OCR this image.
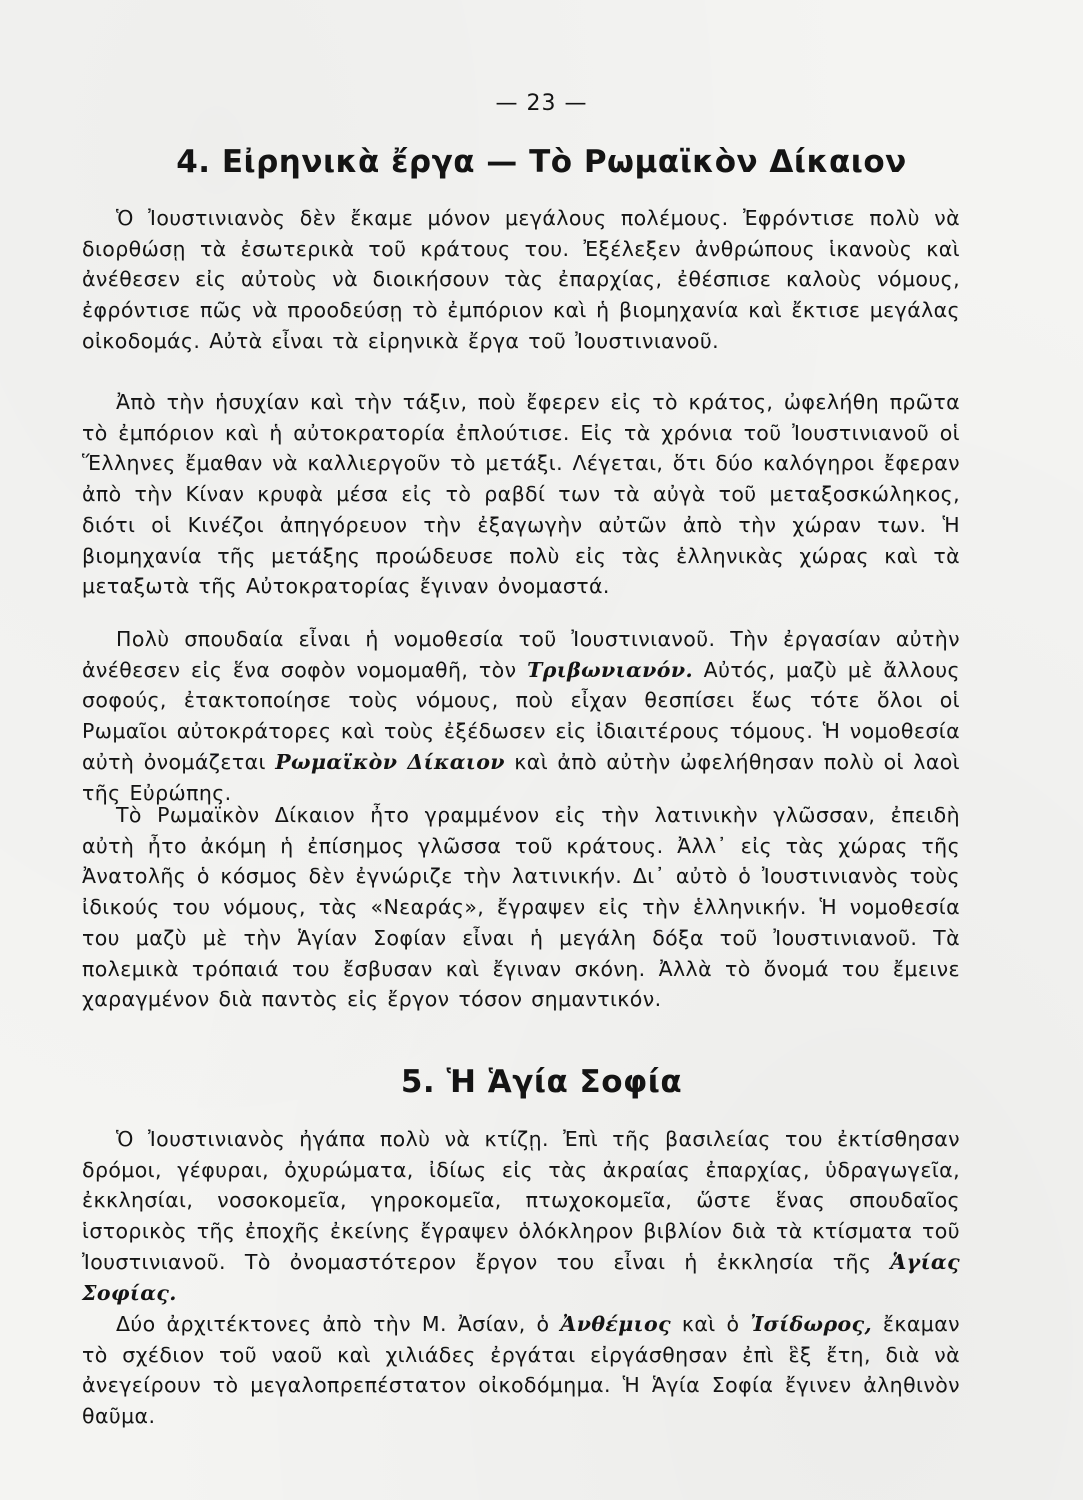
— 23 —
4. Εἰρηνικὰ ἔργα — Τὸ Ρωμαϊκὸν Δίκαιον

Ὁ Ἰουστινιανὸς δὲν ἔκαμε μόνον μεγάλους πολέμους. Ἐφρόντισε πολὺ νὰ διορθώσῃ τὰ ἐσωτερικὰ τοῦ κράτους του. Ἐξέλεξεν ἀνθρώπους ἱκανοὺς καὶ ἀνέθεσεν εἰς αὐτοὺς νὰ διοικήσουν τὰς ἐπαρχίας, ἐθέσπισε καλοὺς νόμους, ἐφρόντισε πῶς νὰ προοδεύσῃ τὸ ἐμπόριον καὶ ἡ βιομηχανία καὶ ἔκτισε μεγάλας οἰκοδομάς. Αὐτὰ εἶναι τὰ εἰρηνικὰ ἔργα τοῦ Ἰουστινιανοῦ.

Ἀπὸ τὴν ἡσυχίαν καὶ τὴν τάξιν, ποὺ ἔφερεν εἰς τὸ κράτος, ὠφελήθη πρῶτα τὸ ἐμπόριον καὶ ἡ αὐτοκρατορία ἐπλούτισε. Εἰς τὰ χρόνια τοῦ Ἰουστινιανοῦ οἱ Ἕλληνες ἔμαθαν νὰ καλλιεργοῦν τὸ μετάξι. Λέγεται, ὅτι δύο καλόγηροι ἔφεραν ἀπὸ τὴν Κίναν κρυφὰ μέσα εἰς τὸ ραβδί των τὰ αὐγὰ τοῦ μεταξοσκώληκος, διότι οἱ Κινέζοι ἀπηγόρευον τὴν ἐξαγωγὴν αὐτῶν ἀπὸ τὴν χώραν των. Ἡ βιομηχανία τῆς μετάξης προώδευσε πολὺ εἰς τὰς ἑλληνικὰς χώρας καὶ τὰ μεταξωτὰ τῆς Αὐτοκρατορίας ἔγιναν ὀνομαστά.

Πολὺ σπουδαία εἶναι ἡ νομοθεσία τοῦ Ἰουστινιανοῦ. Τὴν ἐργασίαν αὐτὴν ἀνέθεσεν εἰς ἕνα σοφὸν νομομαθῆ, τὸν Τριβωνιανόν. Αὐτός, μαζὺ μὲ ἄλλους σοφούς, ἐτακτοποίησε τοὺς νόμους, ποὺ εἶχαν θεσπίσει ἕως τότε ὅλοι οἱ Ρωμαῖοι αὐτοκράτορες καὶ τοὺς ἐξέδωσεν εἰς ἰδιαιτέρους τόμους. Ἡ νομοθεσία αὐτὴ ὀνομάζεται Ρωμαϊκὸν Δίκαιον καὶ ἀπὸ αὐτὴν ὠφελήθησαν πολὺ οἱ λαοὶ τῆς Εὐρώπης.

Τὸ Ρωμαϊκὸν Δίκαιον ἦτο γραμμένον εἰς τὴν λατινικὴν γλῶσσαν, ἐπειδὴ αὐτὴ ἦτο ἀκόμη ἡ ἐπίσημος γλῶσσα τοῦ κράτους. Ἀλλ᾽ εἰς τὰς χώρας τῆς Ἀνατολῆς ὁ κόσμος δὲν ἐγνώριζε τὴν λατινικήν. Δι᾽ αὐτὸ ὁ Ἰουστινιανὸς τοὺς ἰδικούς του νόμους, τὰς «Νεαράς», ἔγραψεν εἰς τὴν ἑλληνικήν. Ἡ νομοθεσία του μαζὺ μὲ τὴν Ἁγίαν Σοφίαν εἶναι ἡ μεγάλη δόξα τοῦ Ἰουστινιανοῦ. Τὰ πολεμικὰ τρόπαιά του ἔσβυσαν καὶ ἔγιναν σκόνη. Ἀλλὰ τὸ ὄνομά του ἔμεινε χαραγμένον διὰ παντὸς εἰς ἔργον τόσον σημαντικόν.

5. Ἡ Ἁγία Σοφία

Ὁ Ἰουστινιανὸς ἠγάπα πολὺ νὰ κτίζῃ. Ἐπὶ τῆς βασιλείας του ἐκτίσθησαν δρόμοι, γέφυραι, ὀχυρώματα, ἰδίως εἰς τὰς ἀκραίας ἐπαρχίας, ὑδραγωγεῖα, ἐκκλησίαι, νοσοκομεῖα, γηροκομεῖα, πτωχοκομεῖα, ὥστε ἕνας σπουδαῖος ἱστορικὸς τῆς ἐποχῆς ἐκείνης ἔγραψεν ὁλόκληρον βιβλίον διὰ τὰ κτίσματα τοῦ Ἰουστινιανοῦ. Τὸ ὀνομαστότερον ἔργον του εἶναι ἡ ἐκκλησία τῆς Ἁγίας Σοφίας.

Δύο ἀρχιτέκτονες ἀπὸ τὴν Μ. Ἀσίαν, ὁ Ἀνθέμιος καὶ ὁ Ἰσίδωρος, ἔκαμαν τὸ σχέδιον τοῦ ναοῦ καὶ χιλιάδες ἐργάται εἰργάσθησαν ἐπὶ ἓξ ἔτη, διὰ νὰ ἀνεγείρουν τὸ μεγαλοπρεπέστατον οἰκοδόμημα. Ἡ Ἁγία Σοφία ἔγινεν ἀληθινὸν θαῦμα.
